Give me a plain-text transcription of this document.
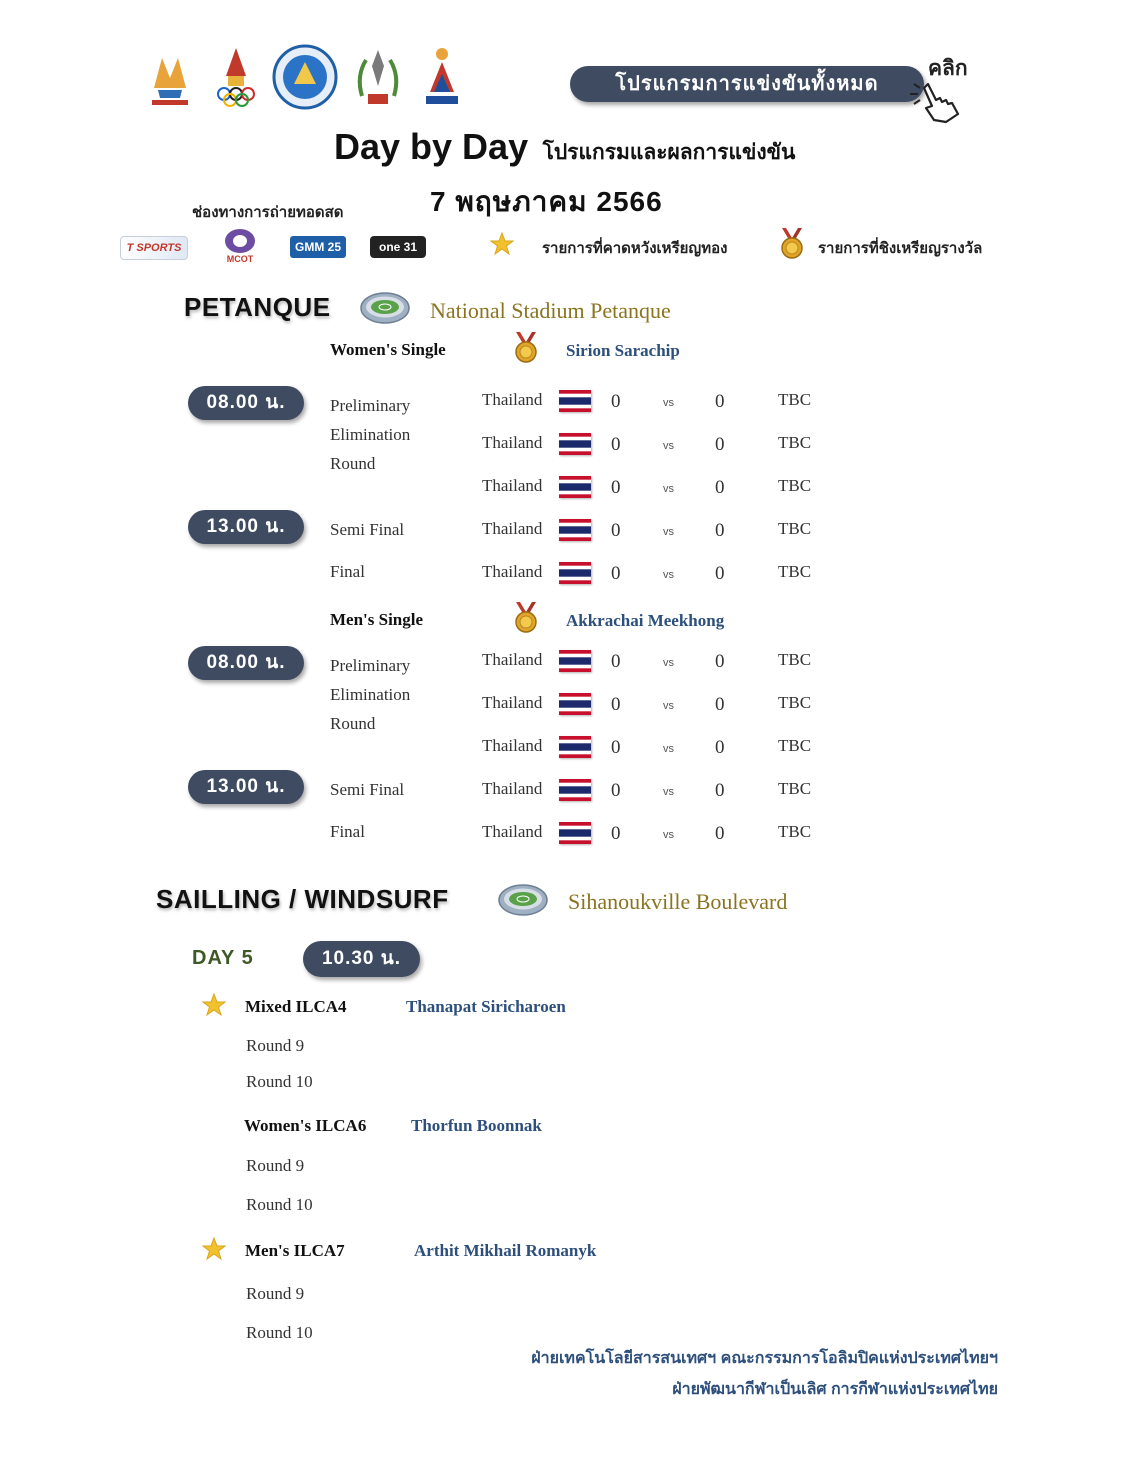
โปรแกรมการแข่งขันทั้งหมด
คลิก
Day by Day โปรแกรมและผลการแข่งขัน
7 พฤษภาคม 2566
ช่องทางการถ่ายทอดสด
T SPORTS
MCOT
GMM 25	one 31	รายการที่คาดหวังเหรียญทอง	รายการที่ชิงเหรียญรางวัล
PETANQUE	National Stadium Petanque
Women's Single	Sirion Sarachip
08.00 น.	Preliminary
Elimination
Round
Thailand	0	vs 0	TBC
Thailand	0	vs 0	TBC
Thailand	0	vs 0	TBC
13.00 น.	Semi Final	Thailand	0	vs 0	TBC
Final	Thailand	0	vs 0	TBC
Men's Single	Akkrachai Meekhong
08.00 น.	Preliminary
Elimination
Round
Thailand	0	vs 0	TBC
Thailand	0	vs 0	TBC
Thailand	0	vs 0	TBC
13.00 น.	Semi Final	Thailand	0	vs 0	TBC
Final	Thailand	0	vs 0	TBC
SAILLING / WINDSURF	Sihanoukville Boulevard
DAY 5	10.30 น.
Mixed ILCA4	Thanapat Siricharoen
Round 9
Round 10
Women's ILCA6	Thorfun Boonnak
Round 9
Round 10
Men's ILCA7	Arthit Mikhail Romanyk
Round 9
Round 10
ฝ่ายเทคโนโลยีสารสนเทศฯ คณะกรรมการโอลิมปิคแห่งประเทศไทยฯ
ฝ่ายพัฒนากีฬาเป็นเลิศ การกีฬาแห่งประเทศไทย
